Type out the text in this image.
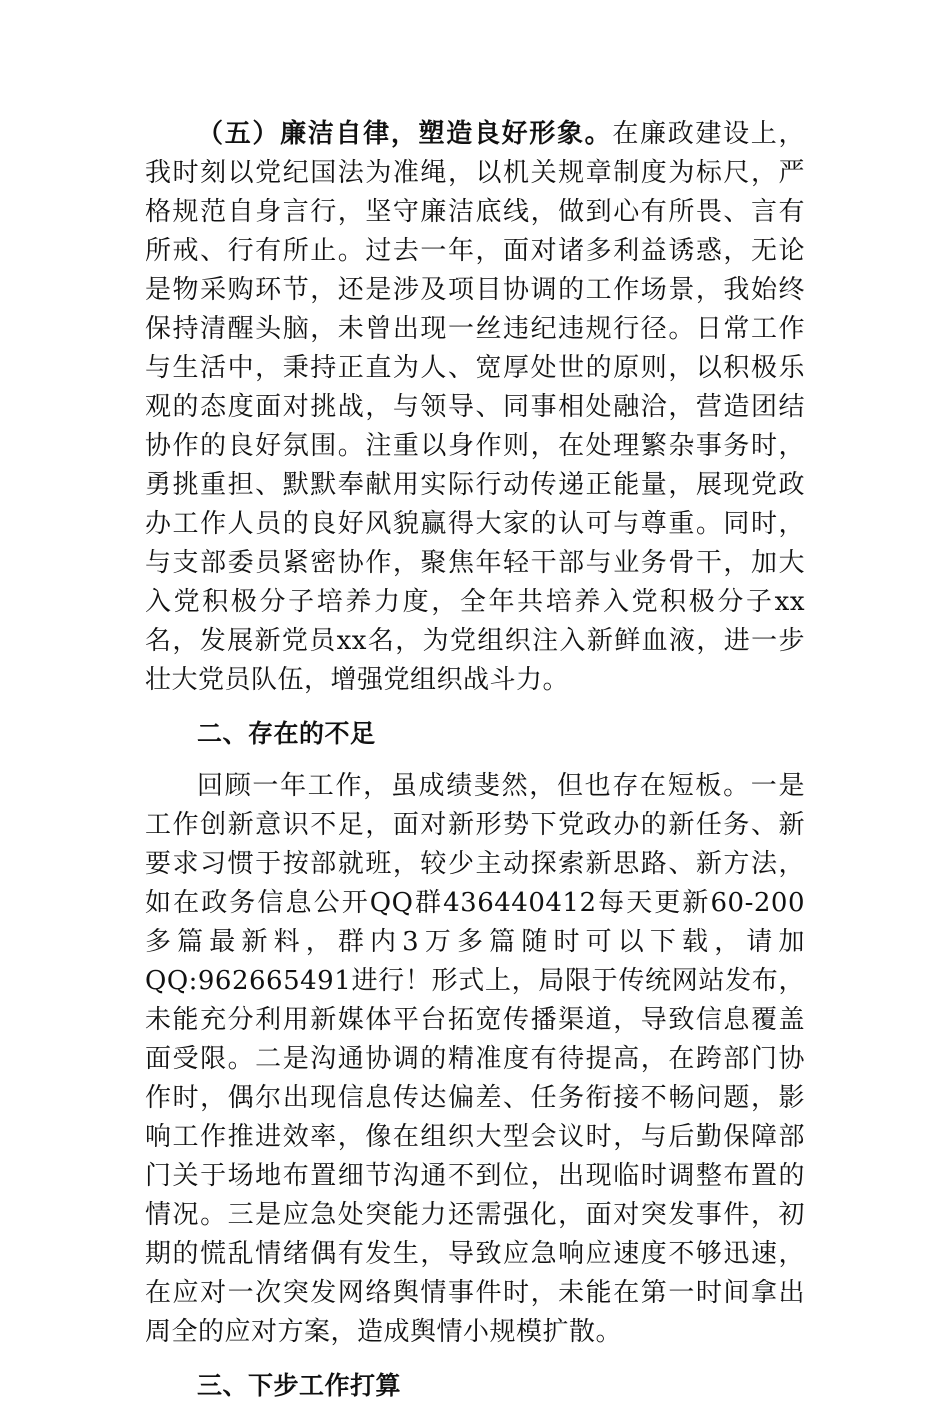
（五）廉洁自律，塑造良好形象。在廉政建设上，我时刻以党纪国法为准绳，以机关规章制度为标尺，严格规范自身言行，坚守廉洁底线，做到心有所畏、言有所戒、行有所止。过去一年，面对诸多利益诱惑，无论是物采购环节，还是涉及项目协调的工作场景，我始终保持清醒头脑，未曾出现一丝违纪违规行径。日常工作与生活中，秉持正直为人、宽厚处世的原则，以积极乐观的态度面对挑战，与领导、同事相处融洽，营造团结协作的良好氛围。注重以身作则，在处理繁杂事务时，勇挑重担、默默奉献用实际行动传递正能量，展现党政办工作人员的良好风貌赢得大家的认可与尊重。同时，与支部委员紧密协作，聚焦年轻干部与业务骨干，加大入党积极分子培养力度，全年共培养入党积极分子xx名，发展新党员xx名，为党组织注入新鲜血液，进一步壮大党员队伍，增强党组织战斗力。

二、存在的不足

回顾一年工作，虽成绩斐然，但也存在短板。一是工作创新意识不足，面对新形势下党政办的新任务、新要求习惯于按部就班，较少主动探索新思路、新方法，如在政务信息公开QQ群436440412每天更新60-200多篇最新料，群内3万多篇随时可以下载，请加QQ:962665491进行！形式上，局限于传统网站发布，未能充分利用新媒体平台拓宽传播渠道，导致信息覆盖面受限。二是沟通协调的精准度有待提高，在跨部门协作时，偶尔出现信息传达偏差、任务衔接不畅问题，影响工作推进效率，像在组织大型会议时，与后勤保障部门关于场地布置细节沟通不到位，出现临时调整布置的情况。三是应急处突能力还需强化，面对突发事件，初期的慌乱情绪偶有发生，导致应急响应速度不够迅速，在应对一次突发网络舆情事件时，未能在第一时间拿出周全的应对方案，造成舆情小规模扩散。

三、下步工作打算
